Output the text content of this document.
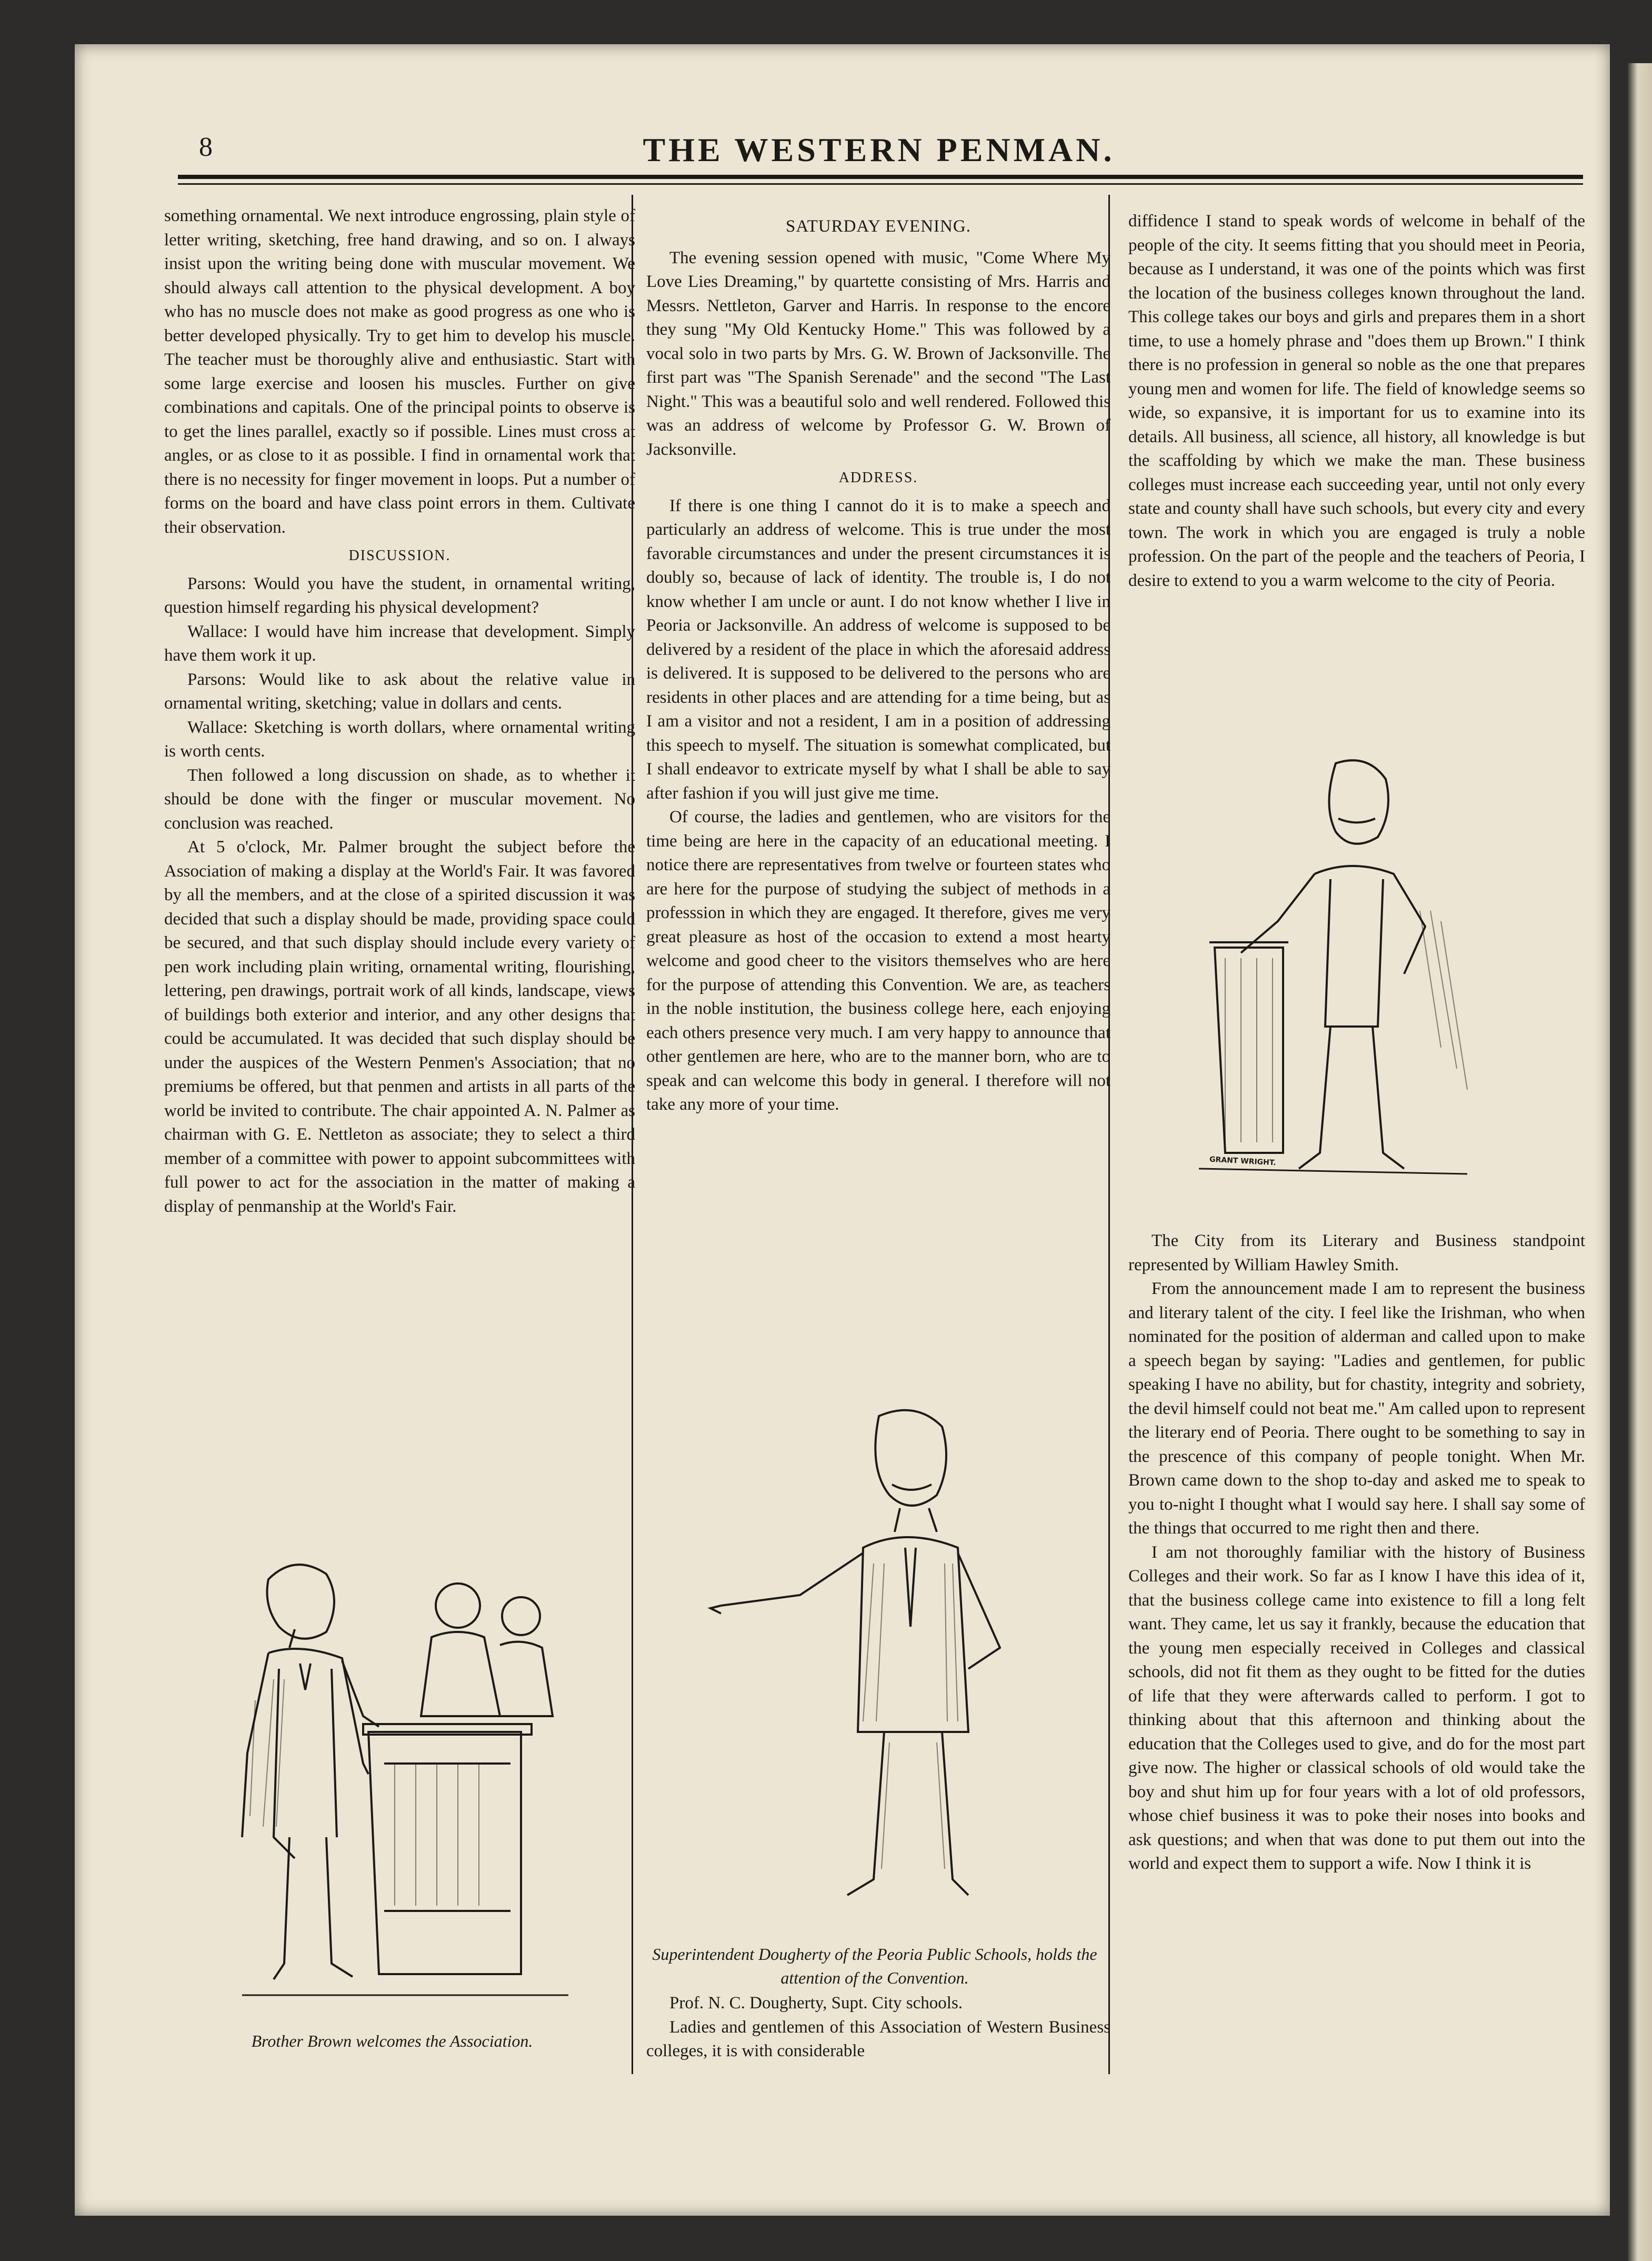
8	THE WESTERN PENMAN.

something ornamental. We next introduce engrossing, plain style of letter writing, sketching, free hand drawing, and so on. I always insist upon the writing being done with muscular movement. We should always call attention to the physical development. A boy who has no muscle does not make as good progress as one who is better developed physically. Try to get him to develop his muscle. The teacher must be thoroughly alive and enthusiastic. Start with some large exercise and loosen his muscles. Further on give combinations and capitals. One of the principal points to observe is to get the lines parallel, exactly so if possible. Lines must cross at angles, or as close to it as possible. I find in ornamental work that there is no necessity for finger movement in loops. Put a number of forms on the board and have class point errors in them. Cultivate their observation.

DISCUSSION.

Parsons: Would you have the student, in ornamental writing, question himself regarding his physical development?

Wallace: I would have him increase that development. Simply have them work it up.

Parsons: Would like to ask about the relative value in ornamental writing, sketching; value in dollars and cents.

Wallace: Sketching is worth dollars, where ornamental writing is worth cents.

Then followed a long discussion on shade, as to whether it should be done with the finger or muscular movement. No conclusion was reached.

At 5 o'clock, Mr. Palmer brought the subject before the Association of making a display at the World's Fair. It was favored by all the members, and at the close of a spirited discussion it was decided that such a display should be made, providing space could be secured, and that such display should include every variety of pen work including plain writing, ornamental writing, flourishing, lettering, pen drawings, portrait work of all kinds, landscape, views of buildings both exterior and interior, and any other designs that could be accumulated. It was decided that such display should be under the auspices of the Western Penmen's Association; that no premiums be offered, but that penmen and artists in all parts of the world be invited to contribute. The chair appointed A. N. Palmer as chairman with G. E. Nettleton as associate; they to select a third member of a committee with power to appoint subcommittees with full power to act for the association in the matter of making a display of penmanship at the World's Fair.

Brother Brown welcomes the Association.
SATURDAY EVENING.

The evening session opened with music, "Come Where My Love Lies Dreaming," by quartette consisting of Mrs. Harris and Messrs. Nettleton, Garver and Harris. In response to the encore they sung "My Old Kentucky Home." This was followed by a vocal solo in two parts by Mrs. G. W. Brown of Jacksonville. The first part was "The Spanish Serenade" and the second "The Last Night." This was a beautiful solo and well rendered. Followed this was an address of welcome by Professor G. W. Brown of Jacksonville.

ADDRESS.

If there is one thing I cannot do it is to make a speech and particularly an address of welcome. This is true under the most favorable circumstances and under the present circumstances it is doubly so, because of lack of identity. The trouble is, I do not know whether I am uncle or aunt. I do not know whether I live in Peoria or Jacksonville. An address of welcome is supposed to be delivered by a resident of the place in which the aforesaid address is delivered. It is supposed to be delivered to the persons who are residents in other places and are attending for a time being, but as I am a visitor and not a resident, I am in a position of addressing this speech to myself. The situation is somewhat complicated, but I shall endeavor to extricate myself by what I shall be able to say after fashion if you will just give me time.

Of course, the ladies and gentlemen, who are visitors for the time being are here in the capacity of an educational meeting. I notice there are representatives from twelve or fourteen states who are here for the purpose of studying the subject of methods in a professsion in which they are engaged. It therefore, gives me very great pleasure as host of the occasion to extend a most hearty welcome and good cheer to the visitors themselves who are here for the purpose of attending this Convention. We are, as teachers in the noble institution, the business college here, each enjoying each others presence very much. I am very happy to announce that other gentlemen are here, who are to the manner born, who are to speak and can welcome this body in general. I therefore will not take any more of your time.

Superintendent Dougherty of the Peoria Public Schools, holds the attention of the Convention.

Prof. N. C. Dougherty, Supt. City schools.

Ladies and gentlemen of this Association of Western Business colleges, it is with considerable

diffidence I stand to speak words of welcome in behalf of the people of the city. It seems fitting that you should meet in Peoria, because as I understand, it was one of the points which was first the location of the business colleges known throughout the land. This college takes our boys and girls and prepares them in a short time, to use a homely phrase and "does them up Brown." I think there is no profession in general so noble as the one that prepares young men and women for life. The field of knowledge seems so wide, so expansive, it is important for us to examine into its details. All business, all science, all history, all knowledge is but the scaffolding by which we make the man. These business colleges must increase each succeeding year, until not only every state and county shall have such schools, but every city and every town. The work in which you are engaged is truly a noble profession. On the part of the people and the teachers of Peoria, I desire to extend to you a warm welcome to the city of Peoria.

GRANT WRIGHT.

The City from its Literary and Business standpoint represented by William Hawley Smith.

From the announcement made I am to represent the business and literary talent of the city. I feel like the Irishman, who when nominated for the position of alderman and called upon to make a speech began by saying: "Ladies and gentlemen, for public speaking I have no ability, but for chastity, integrity and sobriety, the devil himself could not beat me." Am called upon to represent the literary end of Peoria. There ought to be something to say in the prescence of this company of people tonight. When Mr. Brown came down to the shop to-day and asked me to speak to you to-night I thought what I would say here. I shall say some of the things that occurred to me right then and there.

I am not thoroughly familiar with the history of Business Colleges and their work. So far as I know I have this idea of it, that the business college came into existence to fill a long felt want. They came, let us say it frankly, because the education that the young men especially received in Colleges and classical schools, did not fit them as they ought to be fitted for the duties of life that they were afterwards called to perform. I got to thinking about that this afternoon and thinking about the education that the Colleges used to give, and do for the most part give now. The higher or classical schools of old would take the boy and shut him up for four years with a lot of old professors, whose chief business it was to poke their noses into books and ask questions; and when that was done to put them out into the world and expect them to support a wife. Now I think it is
